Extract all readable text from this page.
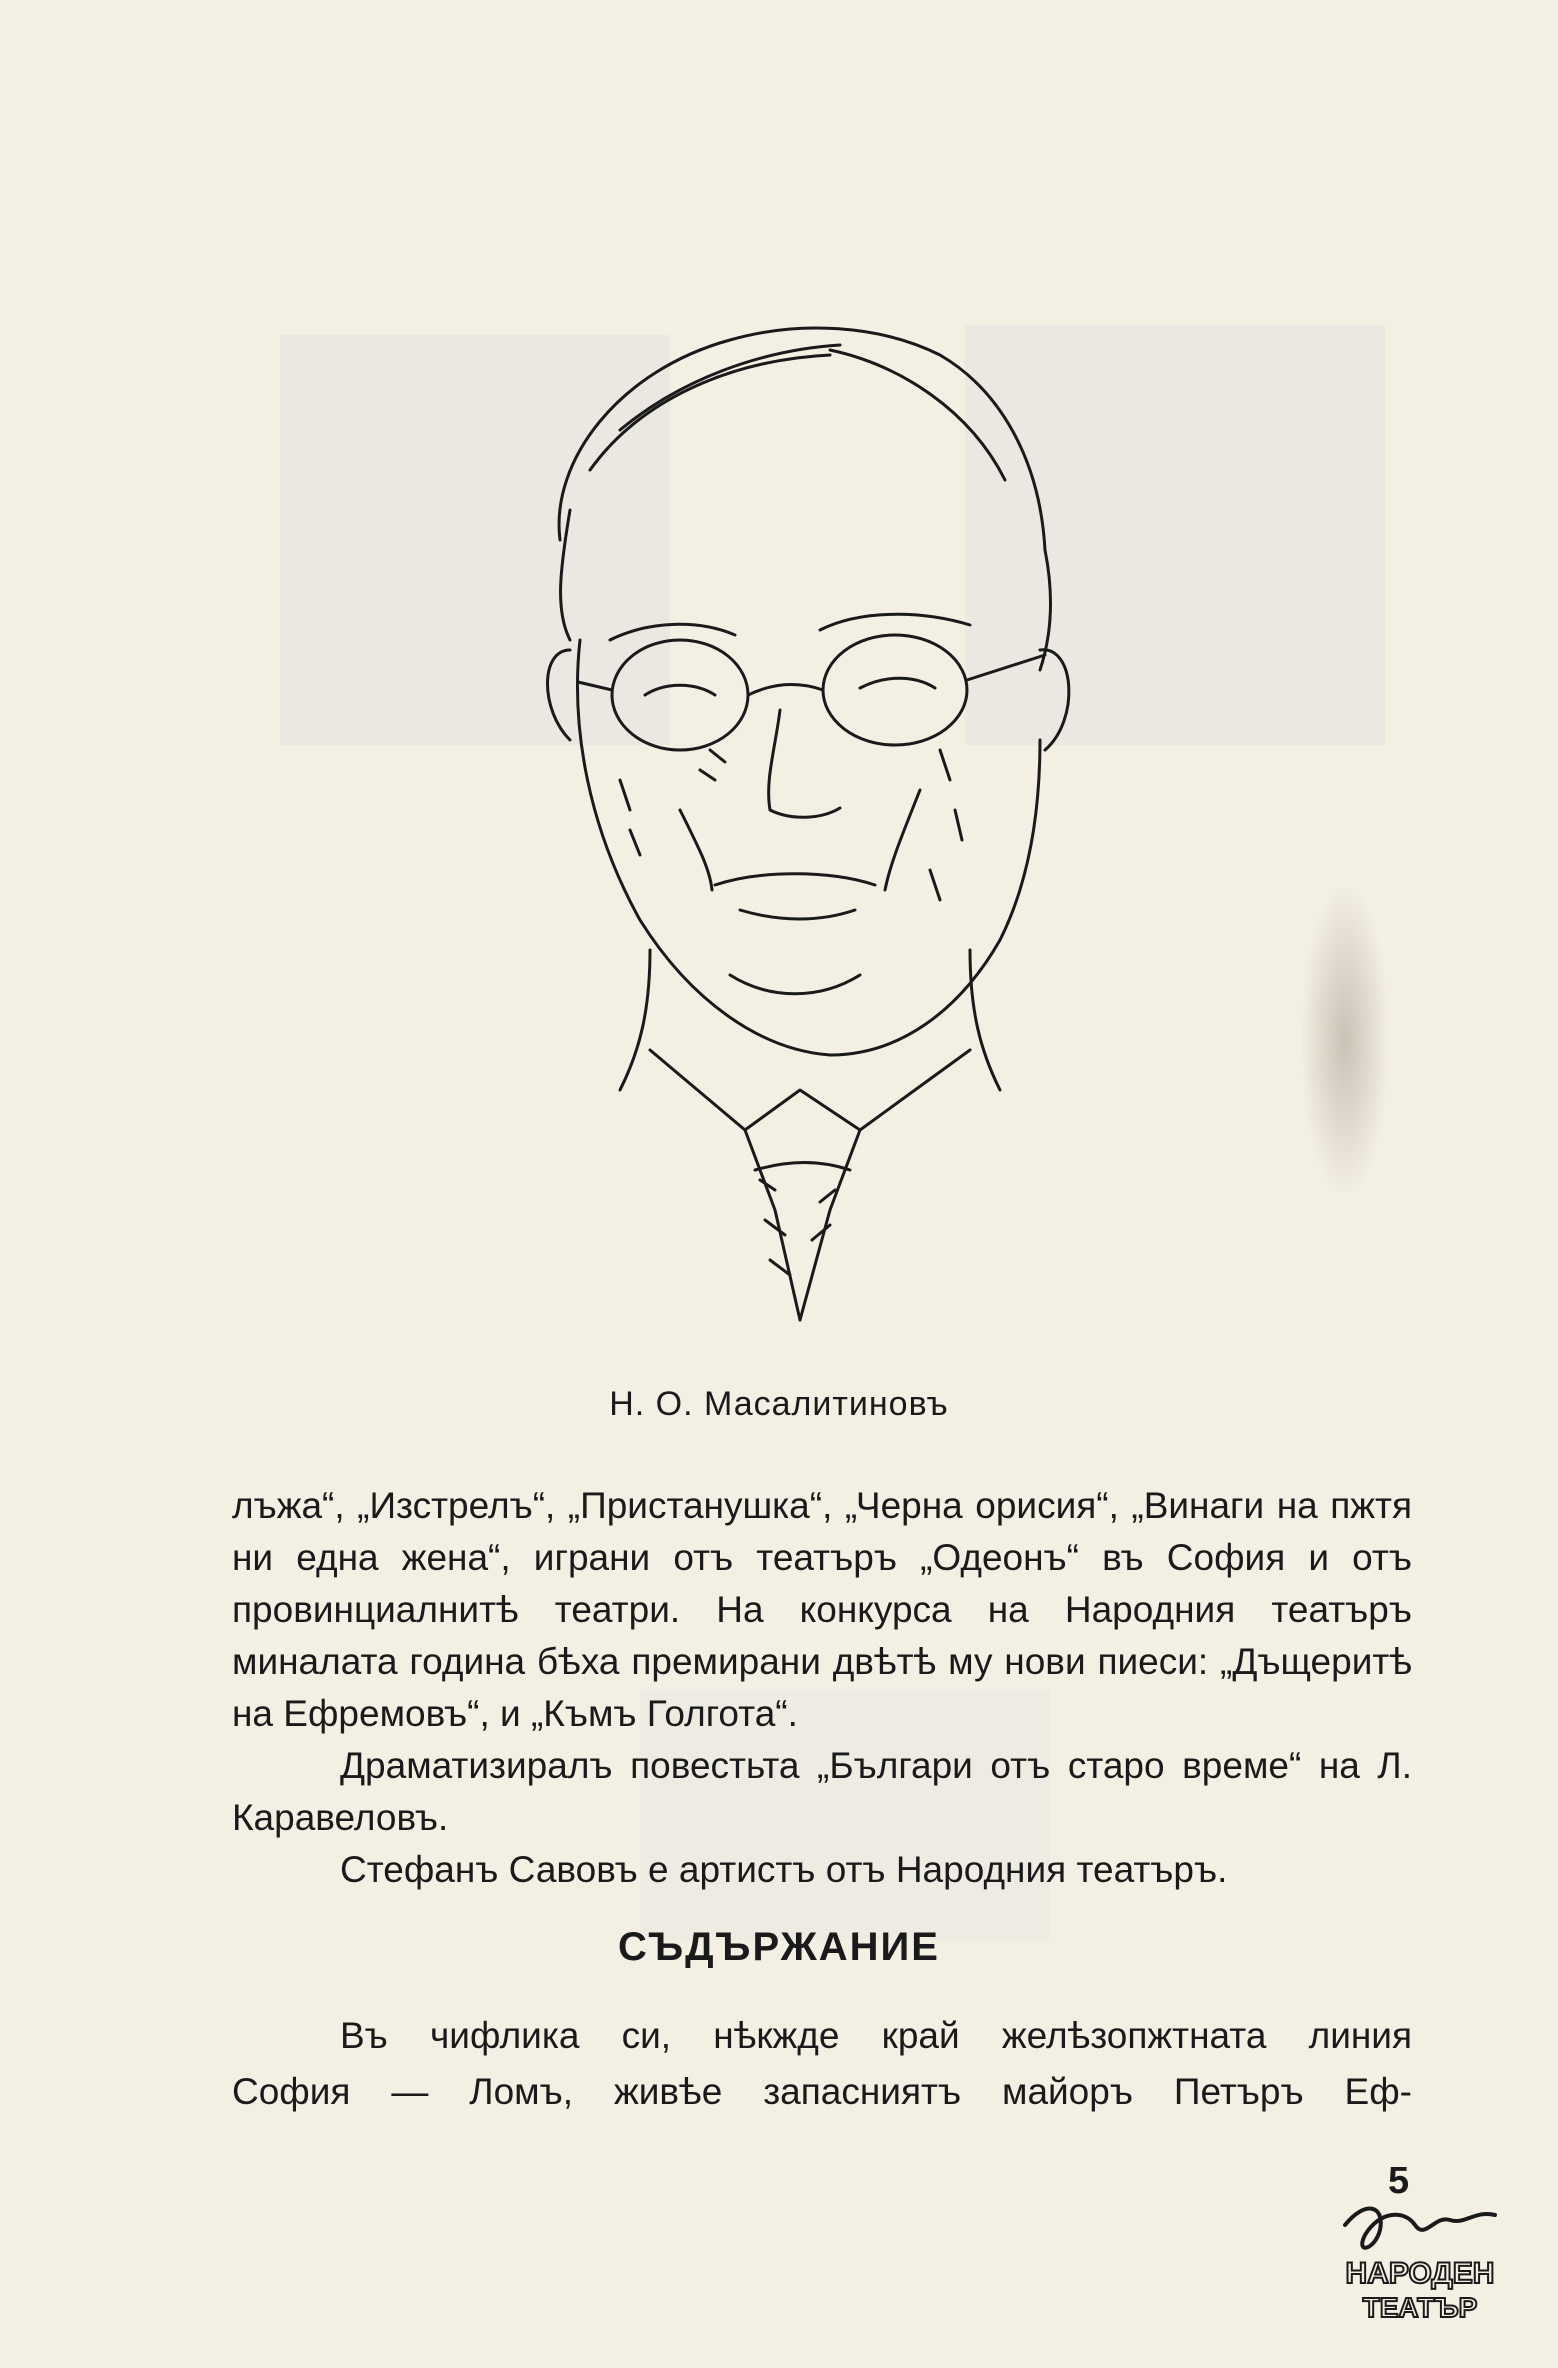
Н. О. Масалитиновъ

лъжа“, „Изстрелъ“, „Пристанушка“, „Черна орисия“, „Винаги на пжтя ни една жена“, играни отъ театъръ „Одеонъ“ въ София и отъ провинциалнитѣ театри. На конкурса на Народния театъръ миналата година бѣха премирани двѣтѣ му нови пиеси: „Дъщеритѣ на Ефремовъ“, и „Къмъ Голгота“.

Драматизиралъ повестьта „Българи отъ старо време“ на Л. Каравеловъ.

Стефанъ Савовъ е артистъ отъ Народния театъръ.

СЪДЪРЖАНИЕ

Въ чифлика си, нѣкжде край желѣзопжтната линия

София — Ломъ, живѣе запасниятъ майоръ Петъръ Еф-

5
НАРОДЕН
ТЕАТЪР
